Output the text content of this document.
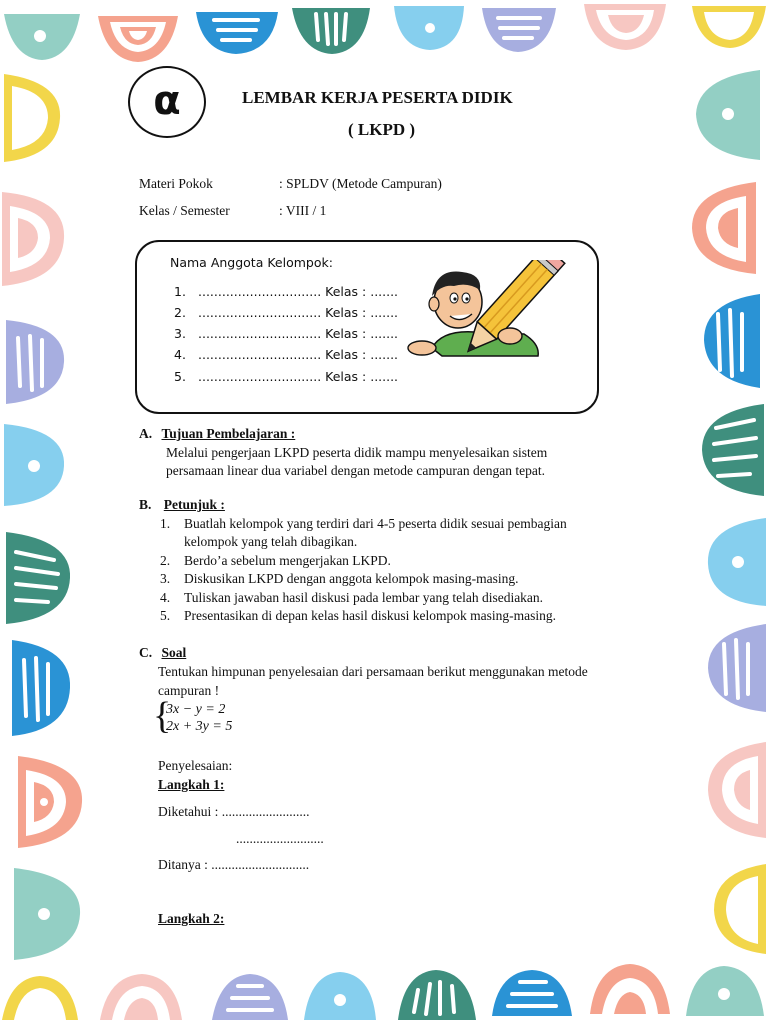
α	LEMBAR KERJA PESERTA DIDIK
( LKPD )
Materi Pokok	: SPLDV (Metode Campuran)
Kelas / Semester	: VIII / 1
Nama Anggota Kelompok:
1. ............................... Kelas : .......
2. ............................... Kelas : .......
3. ............................... Kelas : .......
4. ............................... Kelas : .......
5. ............................... Kelas : .......
A. Tujuan Pembelajaran :
Melalui pengerjaan LKPD peserta didik mampu menyelesaikan sistem
persamaan linear dua variabel dengan metode campuran dengan tepat.
B. Petunjuk :
1. Buatlah kelompok yang terdiri dari 4-5 peserta didik sesuai pembagian
kelompok yang telah dibagikan.
2. Berdo’a sebelum mengerjakan LKPD.
3. Diskusikan LKPD dengan anggota kelompok masing-masing.
4. Tuliskan jawaban hasil diskusi pada lembar yang telah disediakan.
5. Presentasikan di depan kelas hasil diskusi kelompok masing-masing.
C. Soal
Tentukan himpunan penyelesaian dari persamaan berikut menggunakan metode
campuran !
{
3x − y = 2
2x + 3y = 5
Penyelesaian:
Langkah 1:
Diketahui : ..........................
..........................
Ditanya : .............................
Langkah 2:
